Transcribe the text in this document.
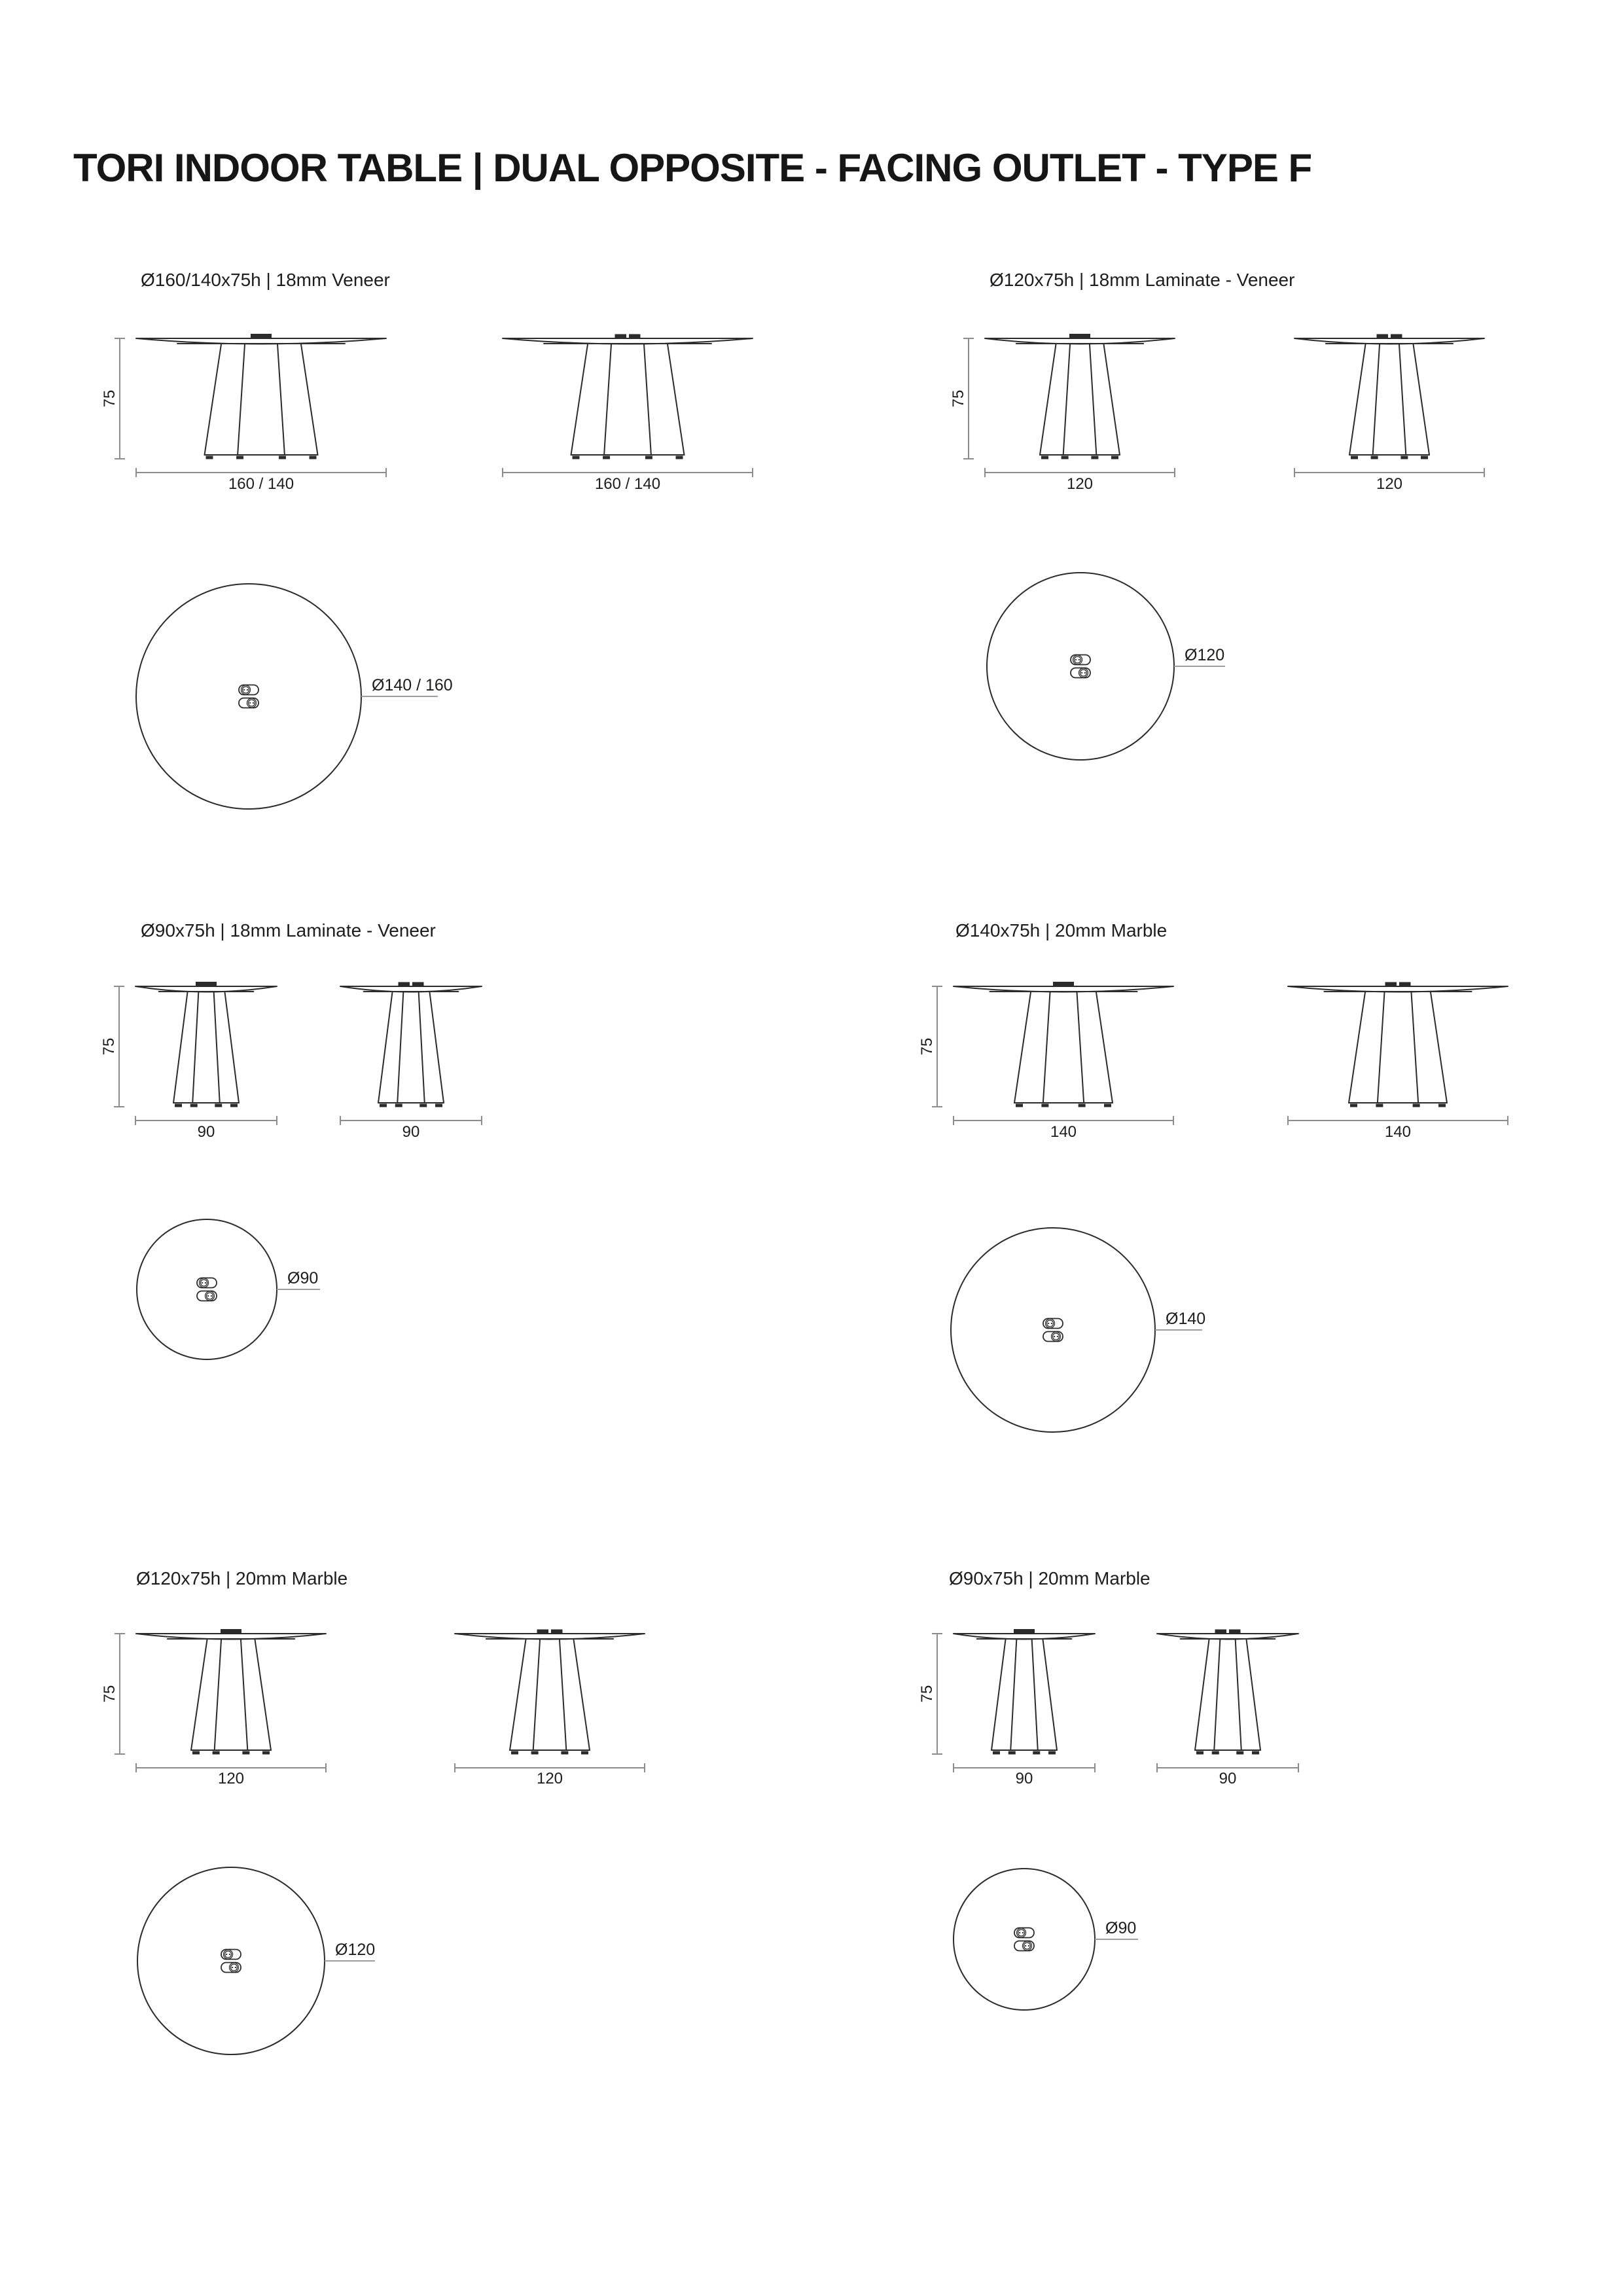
TORI INDOOR TABLE | DUAL OPPOSITE - FACING OUTLET - TYPE F
Ø160/140x75h | 18mm Veneer
75
160 / 140	160 / 140
Ø140 / 160
Ø120x75h | 18mm Laminate - Veneer
75
120	120
Ø120
Ø90x75h | 18mm Laminate - Veneer
75
90	90
Ø90
Ø140x75h | 20mm Marble
75
140	140
Ø140
Ø120x75h | 20mm Marble
75
120	120
Ø120
Ø90x75h | 20mm Marble
75
90	90
Ø90
